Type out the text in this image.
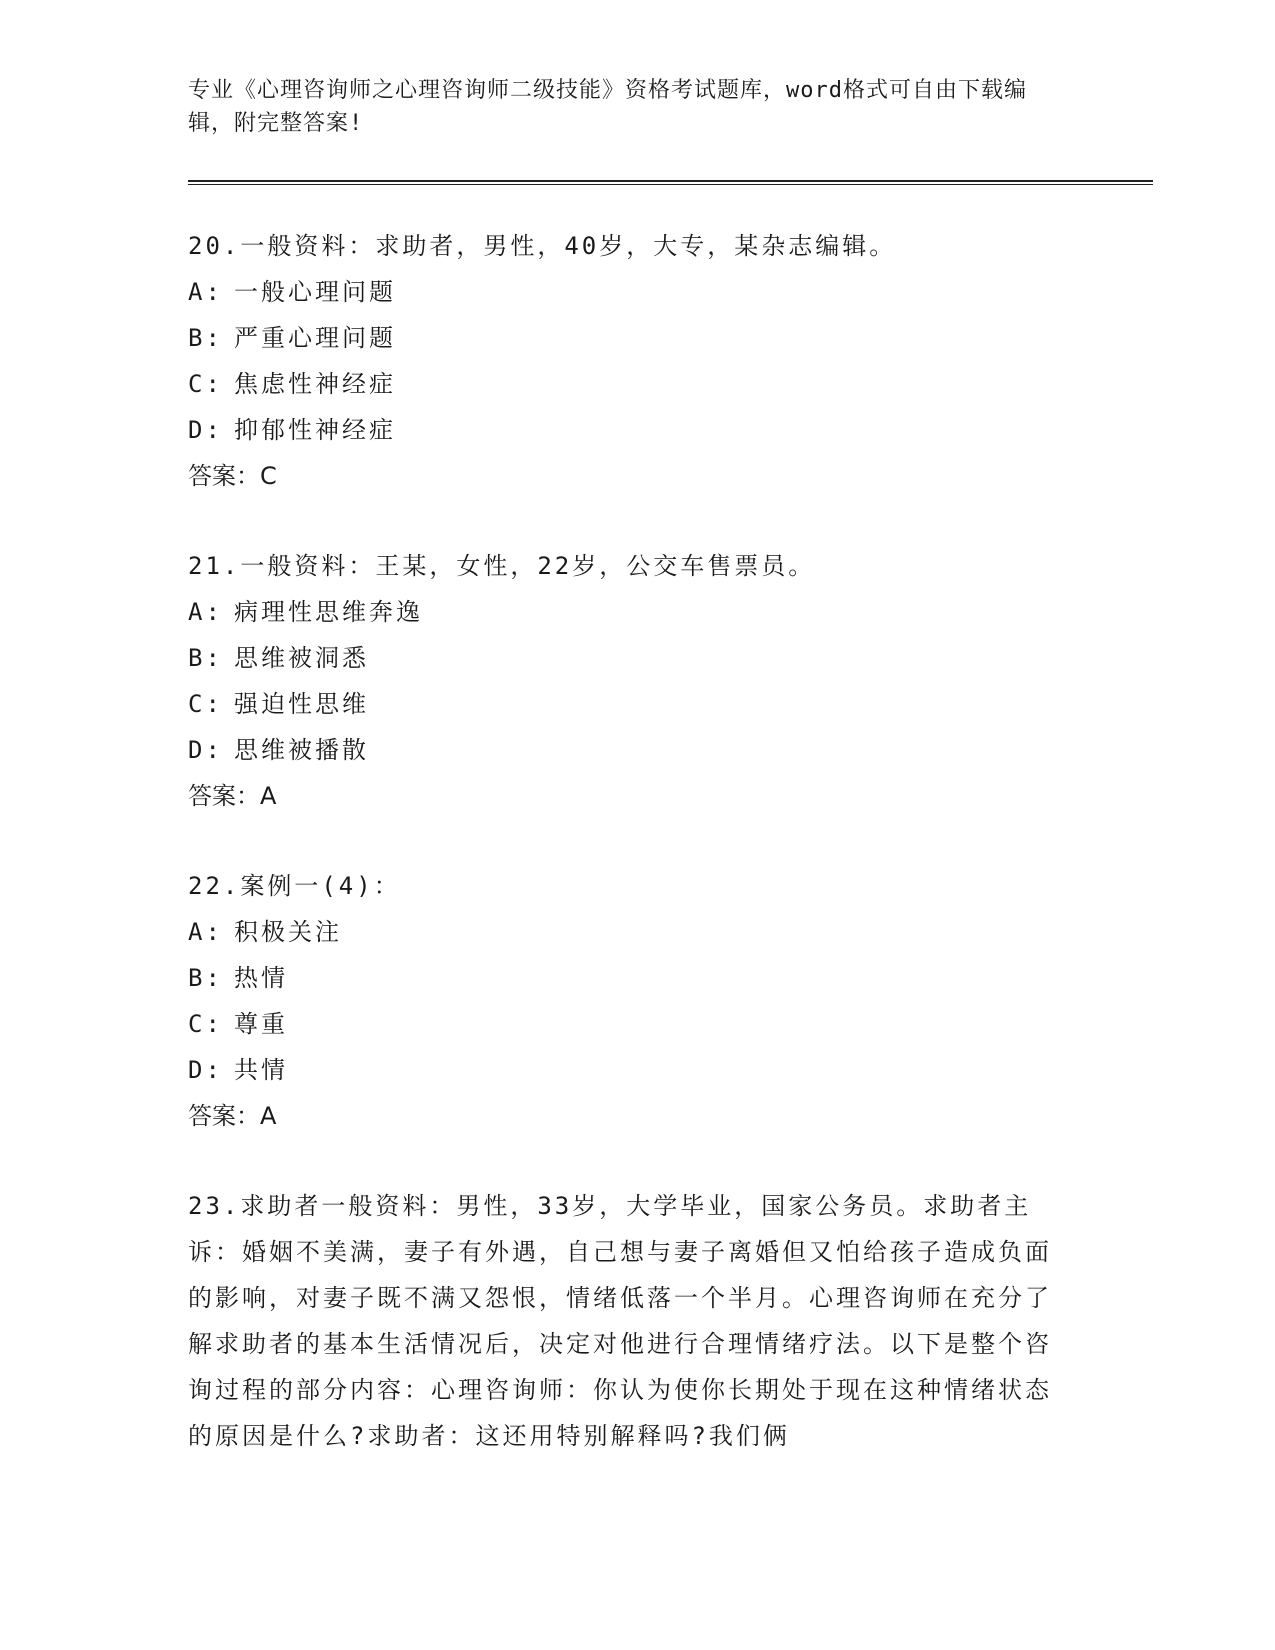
专业《心理咨询师之心理咨询师二级技能》资格考试题库，word格式可自由下载编辑，附完整答案!

20.一般资料：求助者，男性，40岁，大专，某杂志编辑。

A: 一般心理问题
B: 严重心理问题
C: 焦虑性神经症
D: 抑郁性神经症
答案：C

21.一般资料：王某，女性，22岁，公交车售票员。

A: 病理性思维奔逸
B: 思维被洞悉
C: 强迫性思维
D: 思维被播散
答案：A

22.案例一(4)：

A: 积极关注
B: 热情
C: 尊重
D: 共情
答案：A

23.求助者一般资料：男性，33岁，大学毕业，国家公务员。求助者主诉：婚姻不美满，妻子有外遇，自己想与妻子离婚但又怕给孩子造成负面的影响，对妻子既不满又怨恨，情绪低落一个半月。心理咨询师在充分了解求助者的基本生活情况后，决定对他进行合理情绪疗法。以下是整个咨询过程的部分内容：心理咨询师：你认为使你长期处于现在这种情绪状态的原因是什么?求助者：这还用特别解释吗?我们俩
